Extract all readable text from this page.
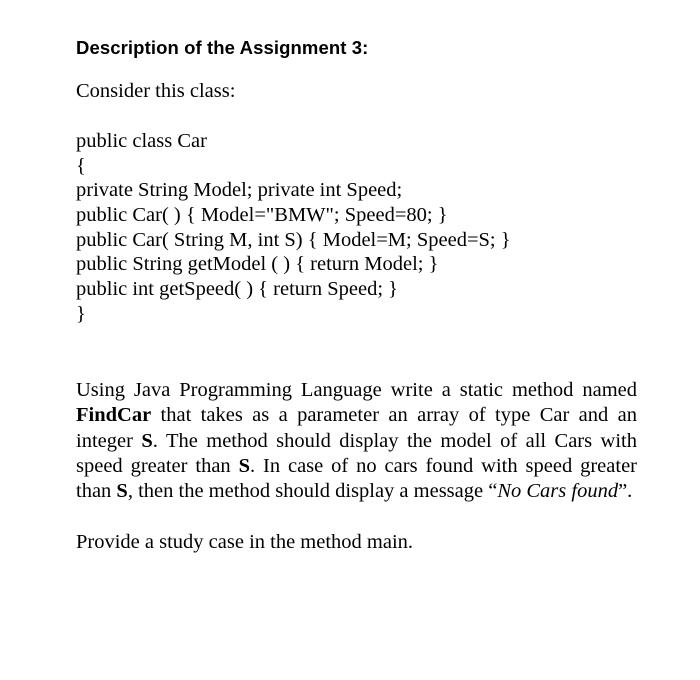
Description of the Assignment 3:
Consider this class:
public class Car
{
private String Model; private int Speed;
public Car( ) { Model="BMW"; Speed=80; }
public Car( String M, int S) { Model=M; Speed=S; }
public String getModel ( ) { return Model; }
public int getSpeed( ) { return Speed; }
}

Using Java Programming Language write a static method named FindCar that takes as a parameter an array of type Car and an integer S. The method should display the model of all Cars with speed greater than S. In case of no cars found with speed greater than S, then the method should display a message “No Cars found”.

Provide a study case in the method main.
